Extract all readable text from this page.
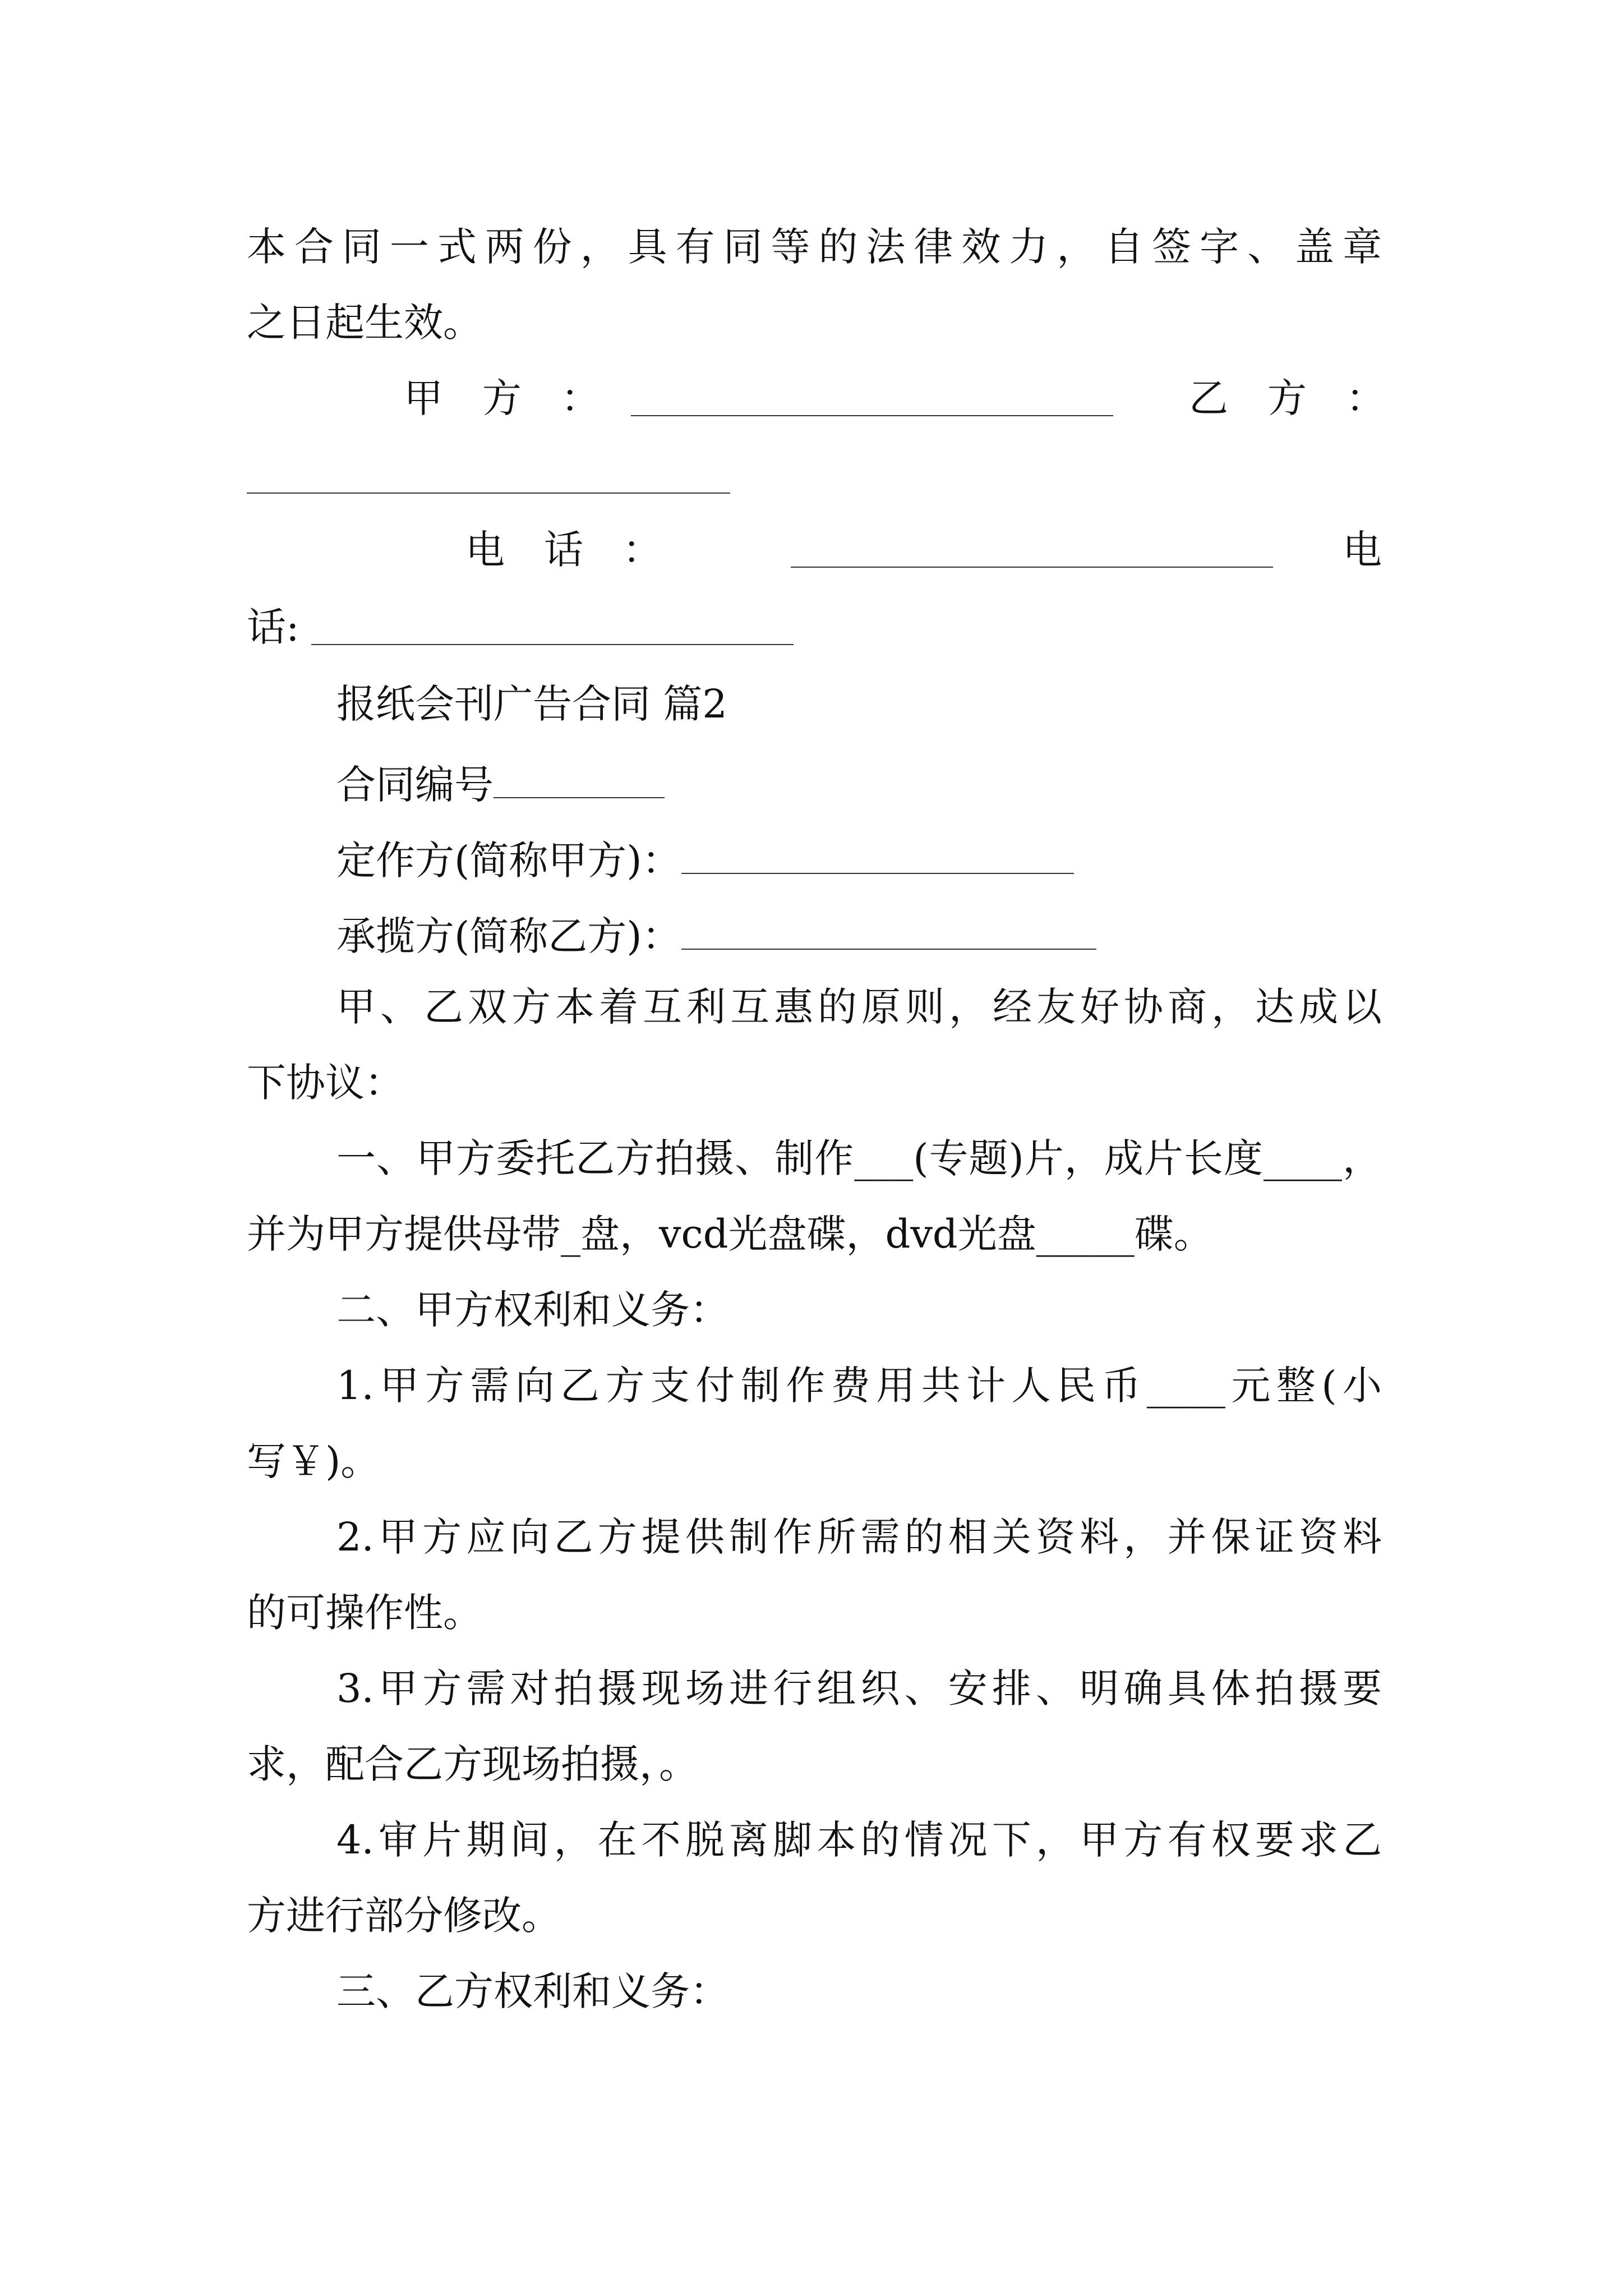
本合同一式两份，具有同等的法律效力，自签字、盖章
之日起生效。
甲　方　：	乙　方　：
电　话　：	电
话:
报纸会刊广告合同 篇2
合同编号
定作方(简称甲方)：
承揽方(简称乙方)：
甲、乙双方本着互利互惠的原则，经友好协商，达成以
下协议：
一、甲方委托乙方拍摄、制作___(专题)片，成片长度____，
并为甲方提供母带_盘，vcd光盘碟，dvd光盘_____碟。
二、甲方权利和义务：
1.甲方需向乙方支付制作费用共计人民币____元整(小
写￥)。
2.甲方应向乙方提供制作所需的相关资料，并保证资料
的可操作性。
3.甲方需对拍摄现场进行组织、安排、明确具体拍摄要
求，配合乙方现场拍摄，。
4.审片期间，在不脱离脚本的情况下，甲方有权要求乙
方进行部分修改。
三、乙方权利和义务：
